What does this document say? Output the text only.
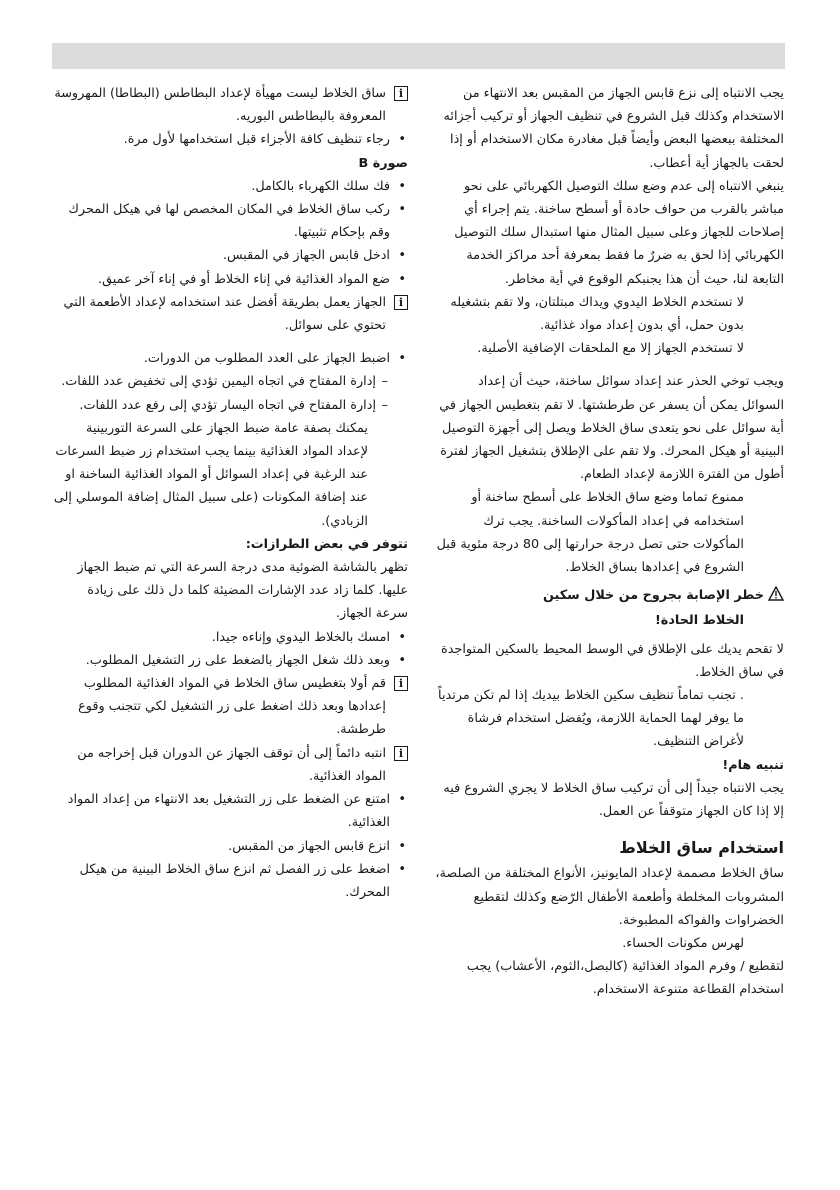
يجب الانتباه إلى نزع قابس الجهاز من المقبس بعد الانتهاء من الاستخدام وكذلك قبل الشروع في تنظيف الجهاز أو تركيب أجزائه المختلفة ببعضها البعض وأيضاً قبل مغادرة مكان الاستخدام أو إذا لحقت بالجهاز أية أعطاب.

ينبغي الانتباه إلى عدم وضع سلك التوصيل الكهربائي على نحو مباشر بالقرب من حواف حادة أو أسطح ساخنة. يتم إجراء أي إصلاحات للجهاز وعلى سبيل المثال منها استبدال سلك التوصيل الكهربائي إذا لحق به ضررٌ ما فقط بمعرفة أحد مراكز الخدمة التابعة لنا، حيث أن هذا يجنبكم الوقوع في أية مخاطر.

لا تستخدم الخلاط اليدوي ويداك مبتلتان، ولا تقم بتشغيله بدون حمل، أي بدون إعداد مواد غذائية.

لا تستخدم الجهاز إلا مع الملحقات الإضافية الأصلية.

ويجب توخي الحذر عند إعداد سوائل ساخنة، حيث أن إعداد السوائل يمكن أن يسفر عن طرطشتها. لا تقم بتغطيس الجهاز في أية سوائل على نحو يتعدى ساق الخلاط ويصل إلى أجهزة التوصيل البينية أو هيكل المحرك. ولا تقم على الإطلاق بتشغيل الجهاز لفترة أطول من الفترة اللازمة لإعداد الطعام.

ممنوع تماما وضع ساق الخلاط على أسطح ساخنة أو استخدامه في إعداد المأكولات الساخنة. يجب ترك المأكولات حتى تصل درجة حرارتها إلى 80 درجة مئوية قبل الشروع في إعدادها بساق الخلاط.

خطر الإصابة بجروح من خلال سكين

الخلاط الحادة!

لا تقحم يديك على الإطلاق في الوسط المحيط بالسكين المتواجدة في ساق الخلاط.

. تجنب تماماً تنظيف سكين الخلاط بيديك إذا لم تكن مرتدياً ما يوفر لهما الحماية اللازمة، ويُفضل استخدام فرشاة لأغراض التنظيف.

تنبيه هام!

يجب الانتباه جيداً إلى أن تركيب ساق الخلاط لا يجري الشروع فيه إلا إذا كان الجهاز متوقفاً عن العمل.

استخدام ساق الخلاط

ساق الخلاط مصممة لإعداد المايونيز، الأنواع المختلفة من الصلصة، المشروبات المخلطة وأطعمة الأطفال الرّضع وكذلك لتقطيع الخضراوات والفواكه المطبوخة.

لهرس مكونات الحساء.

لتقطيع / وفرم المواد الغذائية (كالبصل،الثوم، الأعشاب) يجب استخدام القطاعة متنوعة الاستخدام.

i
ساق الخلاط ليست مهيأة لإعداد البطاطس (البطاطا) المهروسة المعروفة بالبطاطس البوريه.

• رجاء تنظيف كافة الأجزاء قبل استخدامها لأول مرة.

صورة B

• فك سلك الكهرباء بالكامل.

• ركب ساق الخلاط في المكان المخصص لها في هيكل المحرك وقم بإحكام تثبيتها.

• ادخل قابس الجهاز في المقبس.

• ضع المواد الغذائية في إناء الخلاط أو في إناء آخر عميق.

i
الجهاز يعمل بطريقة أفضل عند استخدامه لإعداد الأطعمة التي تحتوي على سوائل.

• اضبط الجهاز على العدد المطلوب من الدورات.

– إدارة المفتاح في اتجاه اليمين تؤدي إلى تخفيض عدد اللفات.

– إدارة المفتاح في اتجاه اليسار تؤدي إلى رفع عدد اللفات.

يمكنك بصفة عامة ضبط الجهاز على السرعة التوربينية لإعداد المواد الغذائية بينما يجب استخدام زر ضبط السرعات عند الرغبة في إعداد السوائل أو المواد الغذائية الساخنة او عند إضافة المكونات (على سبيل المثال إضافة الموسلي إلى الزبادي).

تتوفر في بعض الطرازات:

تظهر بالشاشة الضوئية مدى درجة السرعة التي تم ضبط الجهاز عليها. كلما زاد عدد الإشارات المضيئة كلما دل ذلك على زيادة سرعة الجهاز.

• امسك بالخلاط اليدوي وإناءه جيدا.

• وبعد ذلك شغل الجهاز بالضغط على زر التشغيل المطلوب.

i
قم أولا بتغطيس ساق الخلاط في المواد الغذائية المطلوب إعدادها وبعد ذلك اضغط على زر التشغيل لكي تتجنب وقوع طرطشة.

i
انتبه دائماً إلى أن توقف الجهاز عن الدوران قبل إخراجه من المواد الغذائية.

• امتنع عن الضغط على زر التشغيل بعد الانتهاء من إعداد المواد الغذائية.

• انزع قابس الجهاز من المقبس.

• اضغط على زر الفصل ثم انزع ساق الخلاط البينية من هيكل المحرك.
